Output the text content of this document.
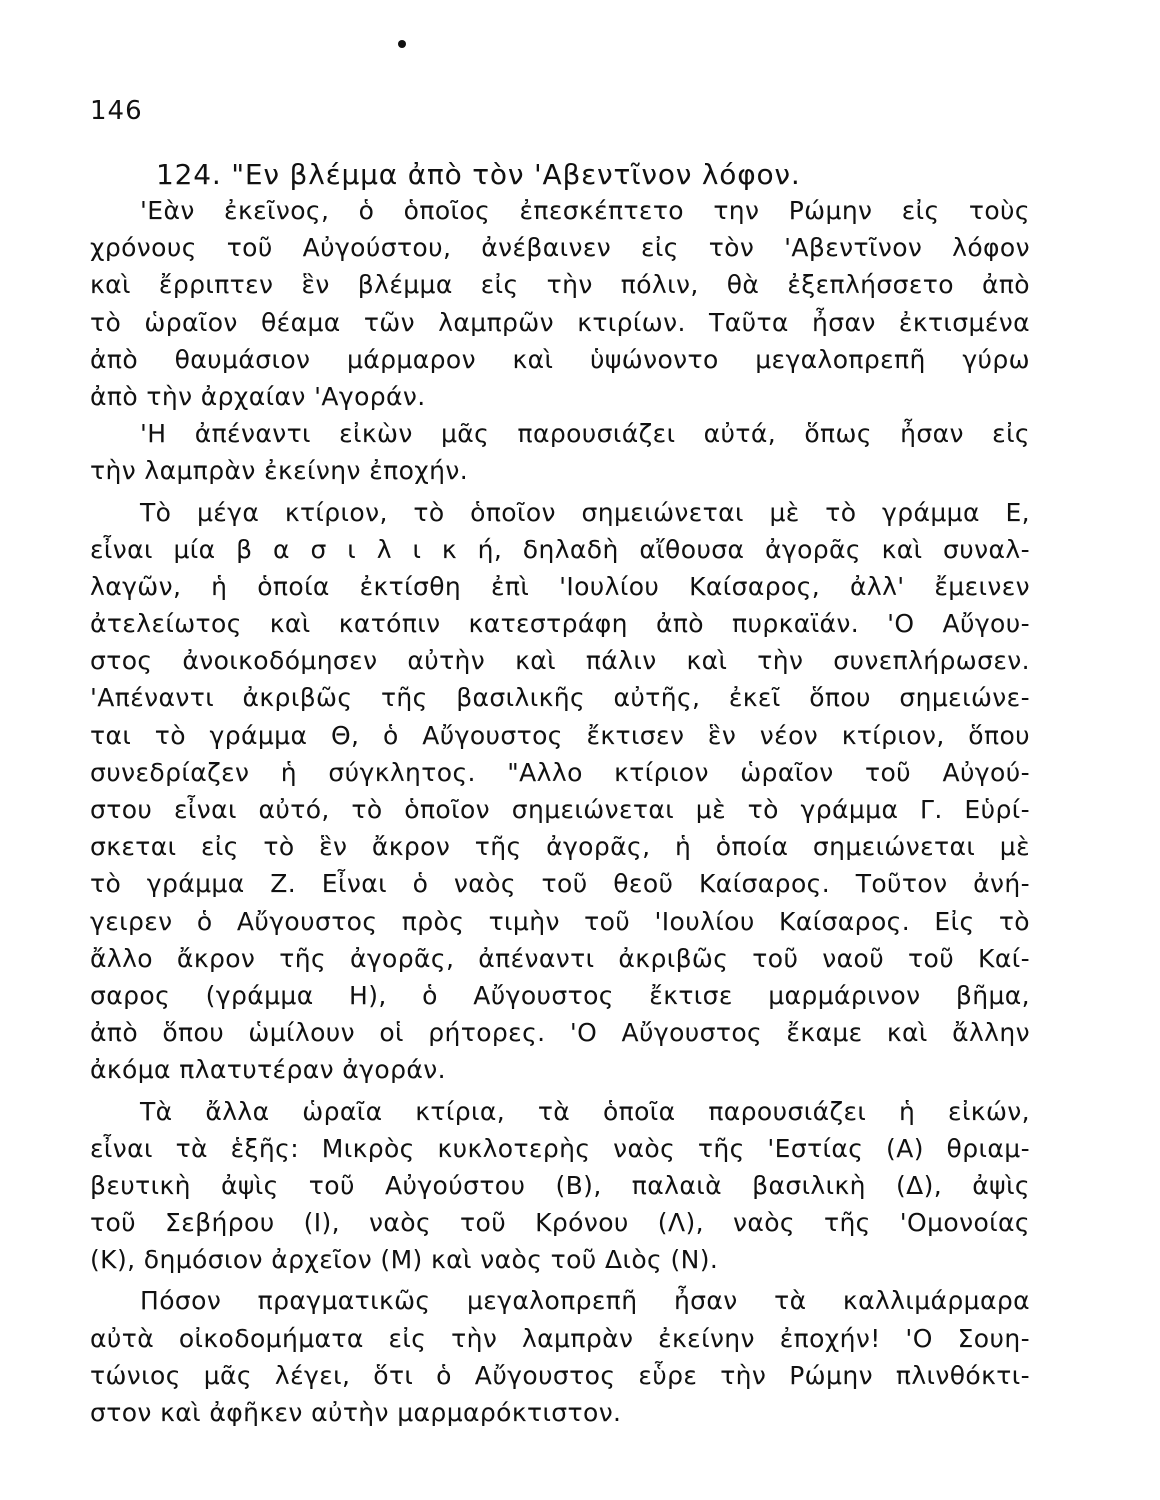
146
124. "Εν βλέμμα ἀπὸ τὸν 'Αβεντῖνον λόφον.
'Εὰν ἐκεῖνος, ὁ ὁποῖος ἐπεσκέπτετο την Ρώμην εἰς τοὺς
χρόνους τοῦ Αὐγούστου, ἀνέβαινεν εἰς τὸν 'Αβεντῖνον λόφον
καὶ ἔρριπτεν ἓν βλέμμα εἰς τὴν πόλιν, θὰ ἐξεπλήσσετο ἀπὸ
τὸ ὡραῖον θέαμα τῶν λαμπρῶν κτιρίων. Ταῦτα ἦσαν ἐκτισμένα
ἀπὸ θαυμάσιον μάρμαρον καὶ ὑψώνοντο μεγαλοπρεπῆ γύρω
ἀπὸ τὴν ἀρχαίαν 'Αγοράν.
'Η ἀπέναντι εἰκὼν μᾶς παρουσιάζει αὐτά, ὅπως ἦσαν εἰς
τὴν λαμπρὰν ἐκείνην ἐποχήν.
Τὸ μέγα κτίριον, τὸ ὁποῖον σημειώνεται μὲ τὸ γράμμα Ε,
εἶναι μία β α σ ι λ ι κ ή, δηλαδὴ αἴθουσα ἀγορᾶς καὶ συναλ-
λαγῶν, ἡ ὁποία ἐκτίσθη ἐπὶ 'Ιουλίου Καίσαρος, ἀλλ' ἔμεινεν
ἀτελείωτος καὶ κατόπιν κατεστράφη ἀπὸ πυρκαϊάν. 'Ο Αὔγου-
στος ἀνοικοδόμησεν αὐτὴν καὶ πάλιν καὶ τὴν συνεπλήρωσεν.
'Απέναντι ἀκριβῶς τῆς βασιλικῆς αὐτῆς, ἐκεῖ ὅπου σημειώνε-
ται τὸ γράμμα Θ, ὁ Αὔγουστος ἔκτισεν ἓν νέον κτίριον, ὅπου
συνεδρίαζεν ἡ σύγκλητος. "Αλλο κτίριον ὡραῖον τοῦ Αὐγού-
στου εἶναι αὐτό, τὸ ὁποῖον σημειώνεται μὲ τὸ γράμμα Γ. Εὑρί-
σκεται εἰς τὸ ἓν ἄκρον τῆς ἀγορᾶς, ἡ ὁποία σημειώνεται μὲ
τὸ γράμμα Ζ. Εἶναι ὁ ναὸς τοῦ θεοῦ Καίσαρος. Τοῦτον ἀνή-
γειρεν ὁ Αὔγουστος πρὸς τιμὴν τοῦ 'Ιουλίου Καίσαρος. Εἰς τὸ
ἄλλο ἄκρον τῆς ἀγορᾶς, ἀπέναντι ἀκριβῶς τοῦ ναοῦ τοῦ Καί-
σαρος (γράμμα Η), ὁ Αὔγουστος ἔκτισε μαρμάρινον βῆμα,
ἀπὸ ὅπου ὡμίλουν οἱ ρήτορες. 'Ο Αὔγουστος ἔκαμε καὶ ἄλλην
ἀκόμα πλατυτέραν ἀγοράν.
Τὰ ἄλλα ὡραῖα κτίρια, τὰ ὁποῖα παρουσιάζει ἡ εἰκών,
εἶναι τὰ ἑξῆς: Μικρὸς κυκλοτερὴς ναὸς τῆς 'Εστίας (Α) θριαμ-
βευτικὴ ἀψὶς τοῦ Αὐγούστου (Β), παλαιὰ βασιλικὴ (Δ), ἀψὶς
τοῦ Σεβήρου (Ι), ναὸς τοῦ Κρόνου (Λ), ναὸς τῆς 'Ομονοίας
(Κ), δημόσιον ἀρχεῖον (Μ) καὶ ναὸς τοῦ Διὸς (Ν).
Πόσον πραγματικῶς μεγαλοπρεπῆ ἦσαν τὰ καλλιμάρμαρα
αὐτὰ οἰκοδομήματα εἰς τὴν λαμπρὰν ἐκείνην ἐποχήν! 'Ο Σουη-
τώνιος μᾶς λέγει, ὅτι ὁ Αὔγουστος εὗρε τὴν Ρώμην πλινθόκτι-
στον καὶ ἀφῆκεν αὐτὴν μαρμαρόκτιστον.
